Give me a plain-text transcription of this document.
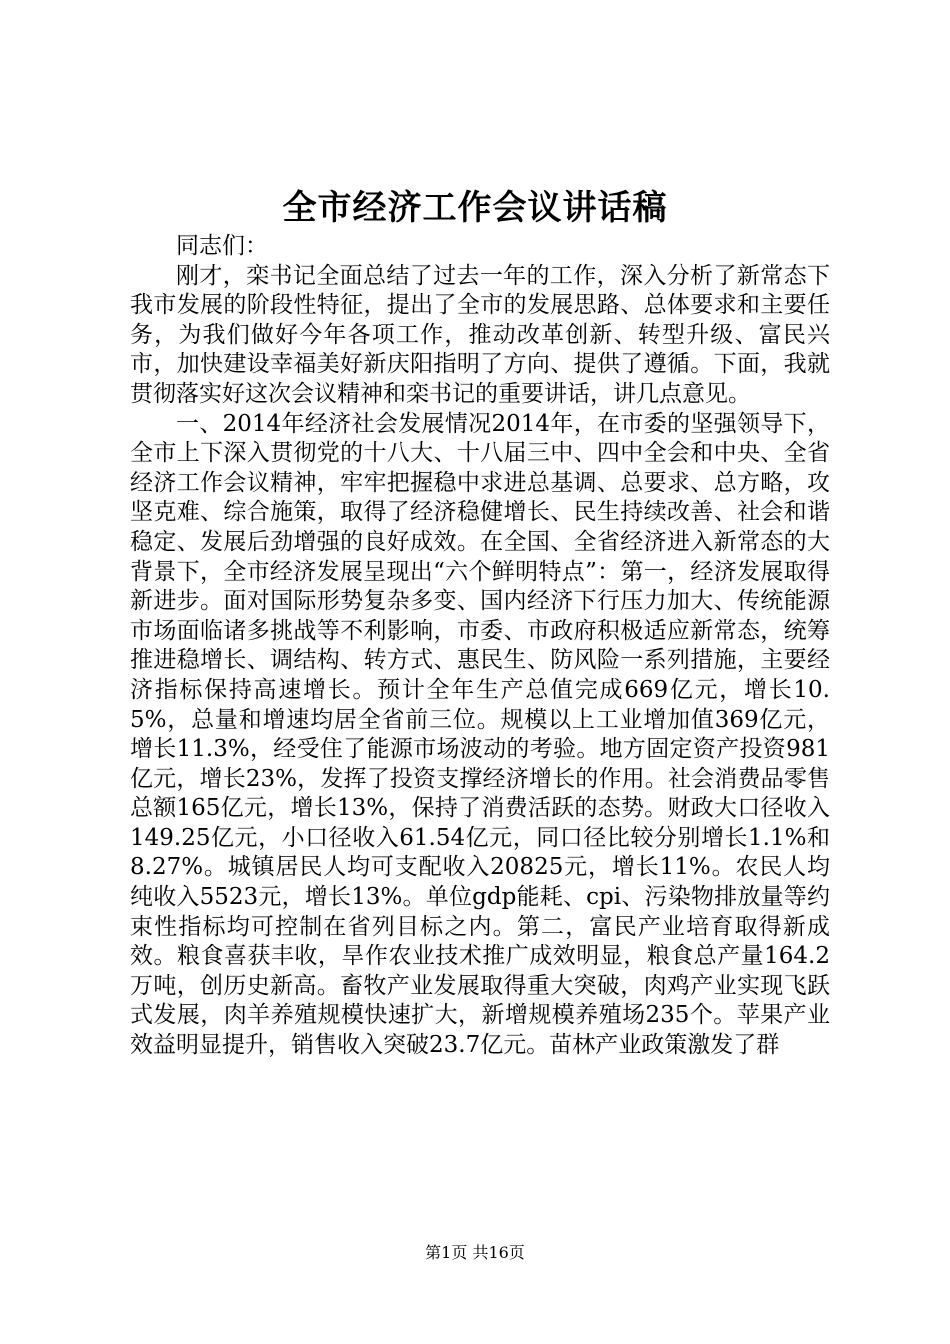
全市经济工作会议讲话稿

同志们：

刚才，栾书记全面总结了过去一年的工作，深入分析了新常态下我市发展的阶段性特征，提出了全市的发展思路、总体要求和主要任务，为我们做好今年各项工作，推动改革创新、转型升级、富民兴市，加快建设幸福美好新庆阳指明了方向、提供了遵循。下面，我就贯彻落实好这次会议精神和栾书记的重要讲话，讲几点意见。

一、2014年经济社会发展情况2014年，在市委的坚强领导下，全市上下深入贯彻党的十八大、十八届三中、四中全会和中央、全省经济工作会议精神，牢牢把握稳中求进总基调、总要求、总方略，攻坚克难、综合施策，取得了经济稳健增长、民生持续改善、社会和谐稳定、发展后劲增强的良好成效。在全国、全省经济进入新常态的大背景下，全市经济发展呈现出“六个鲜明特点”：第一，经济发展取得新进步。面对国际形势复杂多变、国内经济下行压力加大、传统能源市场面临诸多挑战等不利影响，市委、市政府积极适应新常态，统筹推进稳增长、调结构、转方式、惠民生、防风险一系列措施，主要经济指标保持高速增长。预计全年生产总值完成669亿元，增长10.5%，总量和增速均居全省前三位。规模以上工业增加值369亿元，增长11.3%，经受住了能源市场波动的考验。地方固定资产投资981亿元，增长23%，发挥了投资支撑经济增长的作用。社会消费品零售总额165亿元，增长13%，保持了消费活跃的态势。财政大口径收入149.25亿元，小口径收入61.54亿元，同口径比较分别增长1.1%和8.27%。城镇居民人均可支配收入20825元，增长11%。农民人均纯收入5523元，增长13%。单位gdp能耗、cpi、污染物排放量等约束性指标均可控制在省列目标之内。第二，富民产业培育取得新成效。粮食喜获丰收，旱作农业技术推广成效明显，粮食总产量164.2万吨，创历史新高。畜牧产业发展取得重大突破，肉鸡产业实现飞跃式发展，肉羊养殖规模快速扩大，新增规模养殖场235个。苹果产业效益明显提升，销售收入突破23.7亿元。苗林产业政策激发了群

第1页 共16页
